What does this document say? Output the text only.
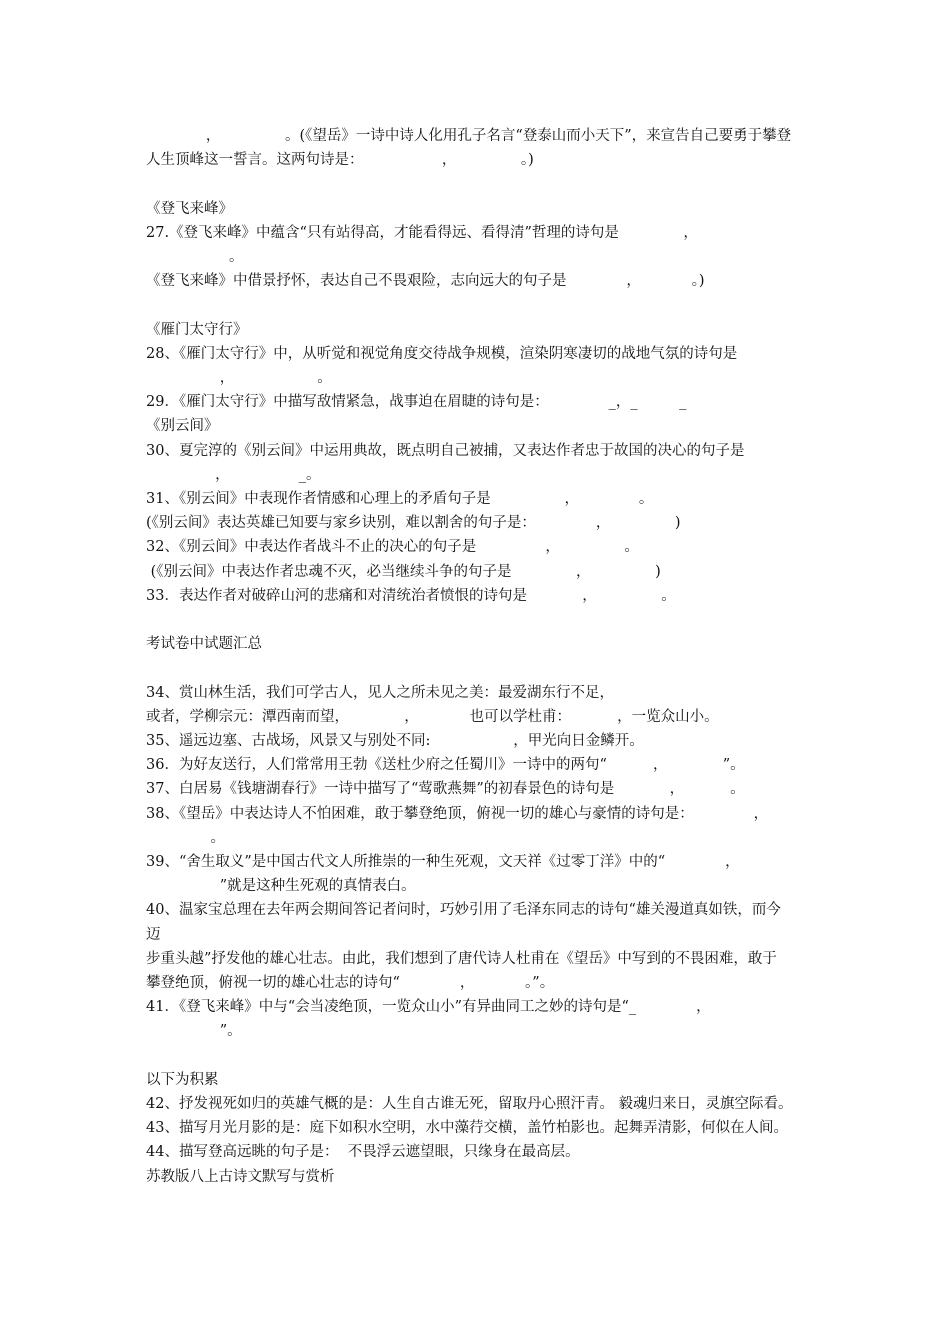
，              。(《望岳》一诗中诗人化用孔子名言“登泰山而小天下”，来宣告自己要勇于攀登
人生顶峰这一誓言。这两句诗是：                 ，              。)
《登飞来峰》
27.《登飞来峰》中蕴含“只有站得高，才能看得远、看得清”哲理的诗句是              ，
。
《登飞来峰》中借景抒怀，表达自己不畏艰险，志向远大的句子是             ，           。)
《雁门太守行》
28、《雁门太守行》中，从听觉和视觉角度交待战争规模，渲染阴寒凄切的战地气氛的诗句是
，                  。
29．《雁门太守行》中描写敌情紧急，战事迫在眉睫的诗句是：             _，_         _
《别云间》
30、夏完淳的《别云间》中运用典故，既点明自己被捕，又表达作者忠于故国的决心的句子是
，               _。
31、《别云间》中表现作者情感和心理上的矛盾句子是                ，             。
(《别云间》表达英雄已知要与家乡诀别，难以割舍的句子是：             ，              )
32、《别云间》中表达作者战斗不止的决心的句子是               ，              。
(《别云间》中表达作者忠魂不灭，必当继续斗争的句子是              ，              )
33．表达作者对破碎山河的悲痛和对清统治者愤恨的诗句是            ，              。
考试卷中试题汇总
34、赏山林生活，我们可学古人，见人之所未见之美：最爱湖东行不足，
或者，学柳宗元：潭西南而望，            ，           也可以学杜甫：          ，一览众山小。
35、遥远边塞、古战场，风景又与别处不同:                  ，甲光向日金鳞开。
36．为好友送行，人们常常用王勃《送杜少府之任蜀川》一诗中的两句“          ，            ”。
37、白居易《钱塘湖春行》一诗中描写了“莺歌燕舞”的初春景色的诗句是            ，          。
38、《望岳》中表达诗人不怕困难，敢于攀登绝顶，俯视一切的雄心与豪情的诗句是：             ，
。
39、“舍生取义”是中国古代文人所推崇的一种生死观，文天祥《过零丁洋》中的“             ，
”就是这种生死观的真情表白。
40、温家宝总理在去年两会期间答记者问时，巧妙引用了毛泽东同志的诗句“雄关漫道真如铁，而今
迈
步重头越”抒发他的雄心壮志。由此，我们想到了唐代诗人杜甫在《望岳》中写到的不畏困难，敢于
攀登绝顶，俯视一切的雄心壮志的诗句“             ，           。”。
41．《登飞来峰》中与“会当凌绝顶，一览众山小”有异曲同工之妙的诗句是“_             ，
”。
以下为积累
42、抒发视死如归的英雄气概的是：人生自古谁无死，留取丹心照汗青。 毅魂归来日，灵旗空际看。
43、描写月光月影的是：庭下如积水空明，水中藻荇交横，盖竹柏影也。起舞弄清影，何似在人间。
44、描写登高远眺的句子是：  不畏浮云遮望眼，只缘身在最高层。
苏教版八上古诗文默写与赏析
